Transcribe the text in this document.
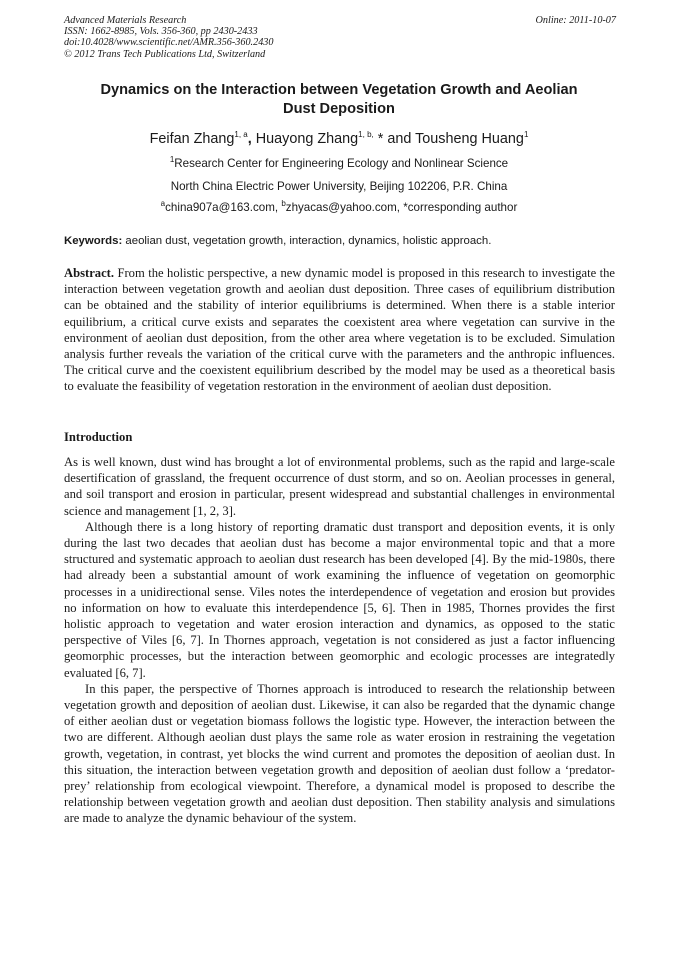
Advanced Materials Research
ISSN: 1662-8985, Vols. 356-360, pp 2430-2433
doi:10.4028/www.scientific.net/AMR.356-360.2430
© 2012 Trans Tech Publications Ltd, Switzerland
Online: 2011-10-07
Dynamics on the Interaction between Vegetation Growth and Aeolian
Dust Deposition
Feifan Zhang$^{1, a}$, Huayong Zhang$^{1, b,}$ * and Tousheng Huang$^1$
$^1$Research Center for Engineering Ecology and Nonlinear Science
North China Electric Power University, Beijing 102206, P.R. China
$^a$china907a@163.com, $^b$zhyacas@yahoo.com, *corresponding author
Keywords: aeolian dust, vegetation growth, interaction, dynamics, holistic approach.
Abstract. From the holistic perspective, a new dynamic model is proposed in this research to investigate the interaction between vegetation growth and aeolian dust deposition. Three cases of equilibrium distribution can be obtained and the stability of interior equilibriums is determined. When there is a stable interior equilibrium, a critical curve exists and separates the coexistent area where vegetation can survive in the environment of aeolian dust deposition, from the other area where vegetation is to be excluded. Simulation analysis further reveals the variation of the critical curve with the parameters and the anthropic influences. The critical curve and the coexistent equilibrium described by the model may be used as a theoretical basis to evaluate the feasibility of vegetation restoration in the environment of aeolian dust deposition.
Introduction

As is well known, dust wind has brought a lot of environmental problems, such as the rapid and large-scale desertification of grassland, the frequent occurrence of dust storm, and so on. Aeolian processes in general, and soil transport and erosion in particular, present widespread and substantial challenges in environmental science and management [1, 2, 3].

Although there is a long history of reporting dramatic dust transport and deposition events, it is only during the last two decades that aeolian dust has become a major environmental topic and that a more structured and systematic approach to aeolian dust research has been developed [4]. By the mid-1980s, there had already been a substantial amount of work examining the influence of vegetation on geomorphic processes in a unidirectional sense. Viles notes the interdependence of vegetation and erosion but provides no information on how to evaluate this interdependence [5, 6]. Then in 1985, Thornes provides the first holistic approach to vegetation and water erosion interaction and dynamics, as opposed to the static perspective of Viles [6, 7]. In Thornes approach, vegetation is not considered as just a factor influencing geomorphic processes, but the interaction between geomorphic and ecologic processes are integratedly evaluated [6, 7].

In this paper, the perspective of Thornes approach is introduced to research the relationship between vegetation growth and deposition of aeolian dust. Likewise, it can also be regarded that the dynamic change of either aeolian dust or vegetation biomass follows the logistic type. However, the interaction between the two are different. Although aeolian dust plays the same role as water erosion in restraining the vegetation growth, vegetation, in contrast, yet blocks the wind current and promotes the deposition of aeolian dust. In this situation, the interaction between vegetation growth and deposition of aeolian dust follow a ‘predator-prey’ relationship from ecological viewpoint. Therefore, a dynamical model is proposed to describe the relationship between vegetation growth and aeolian dust deposition. Then stability analysis and simulations are made to analyze the dynamic behaviour of the system.
